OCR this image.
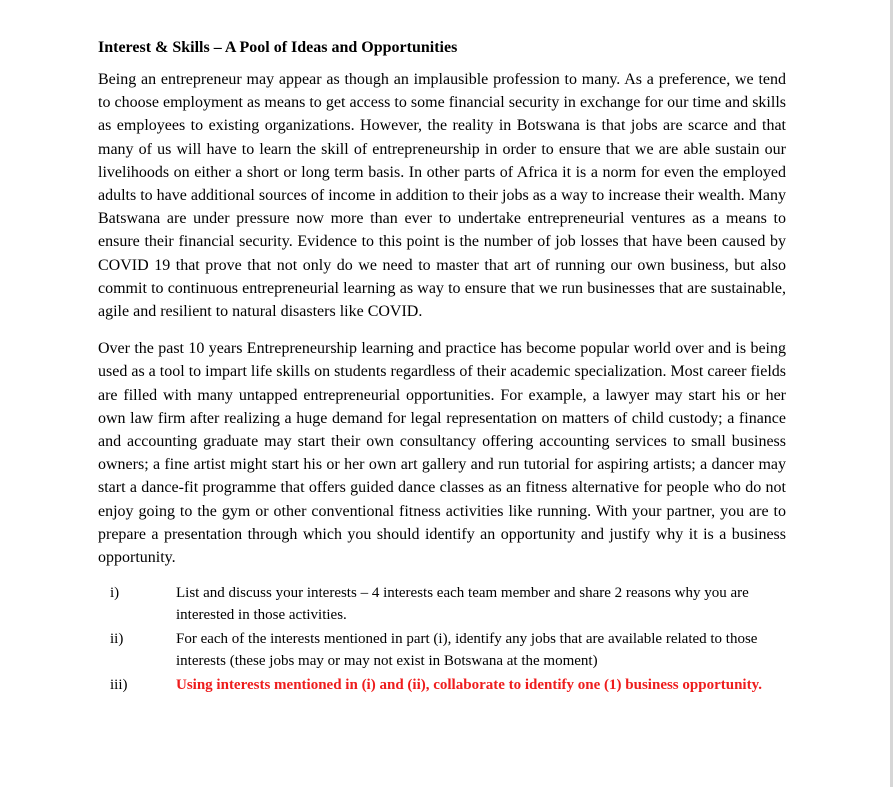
Interest & Skills – A Pool of Ideas and Opportunities

Being an entrepreneur may appear as though an implausible profession to many. As a preference, we tend to choose employment as means to get access to some financial security in exchange for our time and skills as employees to existing organizations. However, the reality in Botswana is that jobs are scarce and that many of us will have to learn the skill of entrepreneurship in order to ensure that we are able sustain our livelihoods on either a short or long term basis. In other parts of Africa it is a norm for even the employed adults to have additional sources of income in addition to their jobs as a way to increase their wealth. Many Batswana are under pressure now more than ever to undertake entrepreneurial ventures as a means to ensure their financial security. Evidence to this point is the number of job losses that have been caused by COVID 19 that prove that not only do we need to master that art of running our own business, but also commit to continuous entrepreneurial learning as way to ensure that we run businesses that are sustainable, agile and resilient to natural disasters like COVID.

Over the past 10 years Entrepreneurship learning and practice has become popular world over and is being used as a tool to impart life skills on students regardless of their academic specialization. Most career fields are filled with many untapped entrepreneurial opportunities. For example, a lawyer may start his or her own law firm after realizing a huge demand for legal representation on matters of child custody; a finance and accounting graduate may start their own consultancy offering accounting services to small business owners; a fine artist might start his or her own art gallery and run tutorial for aspiring artists; a dancer may start a dance-fit programme that offers guided dance classes as an fitness alternative for people who do not enjoy going to the gym or other conventional fitness activities like running. With your partner, you are to prepare a presentation through which you should identify an opportunity and justify why it is a business opportunity.

i)	List and discuss your interests – 4 interests each team member and share 2 reasons why you are interested in those activities.
ii)	For each of the interests mentioned in part (i), identify any jobs that are available related to those interests (these jobs may or may not exist in Botswana at the moment)
iii)	Using interests mentioned in (i) and (ii), collaborate to identify one (1) business opportunity.
